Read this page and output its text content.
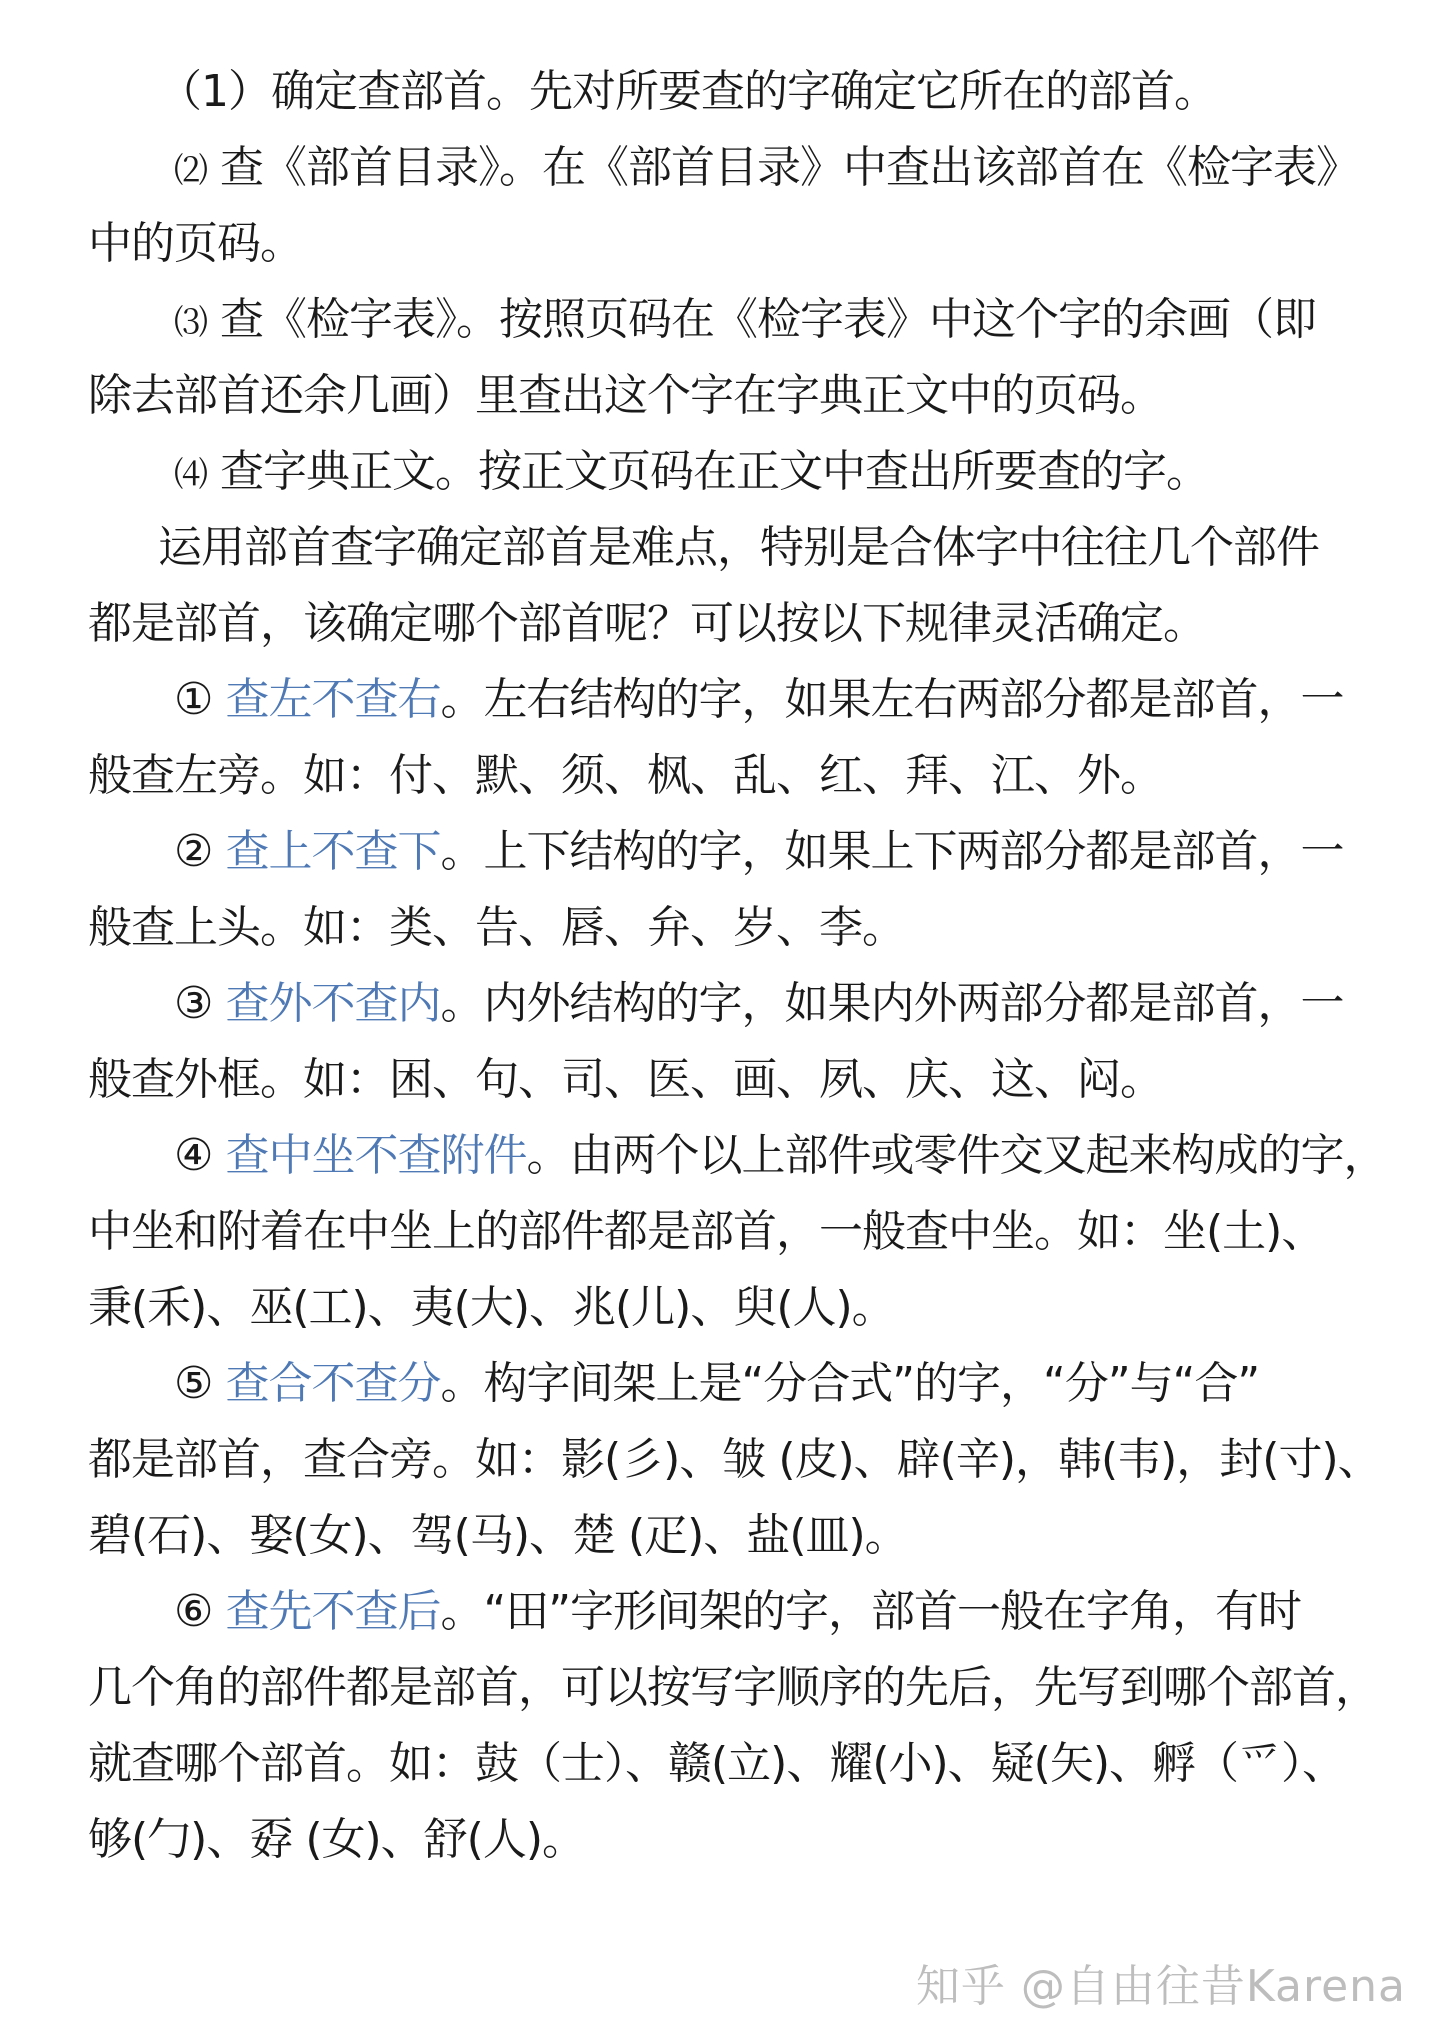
（1）确定查部首。先对所要查的字确定它所在的部首。
⑵ 查《部首目录》。在《部首目录》中查出该部首在《检字表》
中的页码。
⑶ 查《检字表》。按照页码在《检字表》中这个字的余画（即
除去部首还余几画）里查出这个字在字典正文中的页码。
⑷ 查字典正文。按正文页码在正文中查出所要查的字。
运用部首查字确定部首是难点，特别是合体字中往往几个部件
都是部首，该确定哪个部首呢？可以按以下规律灵活确定。
① 查左不查右。左右结构的字，如果左右两部分都是部首，一
般查左旁。如：付、默、须、枫、乱、红、拜、江、外。
② 查上不查下。上下结构的字，如果上下两部分都是部首，一
般查上头。如：类、告、唇、弁、岁、李。
③ 查外不查内。内外结构的字，如果内外两部分都是部首，一
般查外框。如：困、句、司、医、画、夙、庆、这、闷。
④ 查中坐不查附件。由两个以上部件或零件交叉起来构成的字，
中坐和附着在中坐上的部件都是部首，一般查中坐。如：坐(土)、
秉(禾)、巫(工)、夷(大)、兆(儿)、臾(人)。
⑤ 查合不查分。构字间架上是“分合式”的字，“分”与“合”
都是部首，查合旁。如：影(彡)、皱 (皮)、辟(辛)，韩(韦)，封(寸)、
碧(石)、娶(女)、驾(马)、楚 (疋)、盐(皿)。
⑥ 查先不查后。“田”字形间架的字，部首一般在字角，有时
几个角的部件都是部首，可以按写字顺序的先后，先写到哪个部首，
就查哪个部首。如：鼓（士）、赣(立)、耀(小)、疑(矢)、孵（爫）、
够(勹)、孬 (女)、舒(人)。
知乎 @自由往昔Karena
